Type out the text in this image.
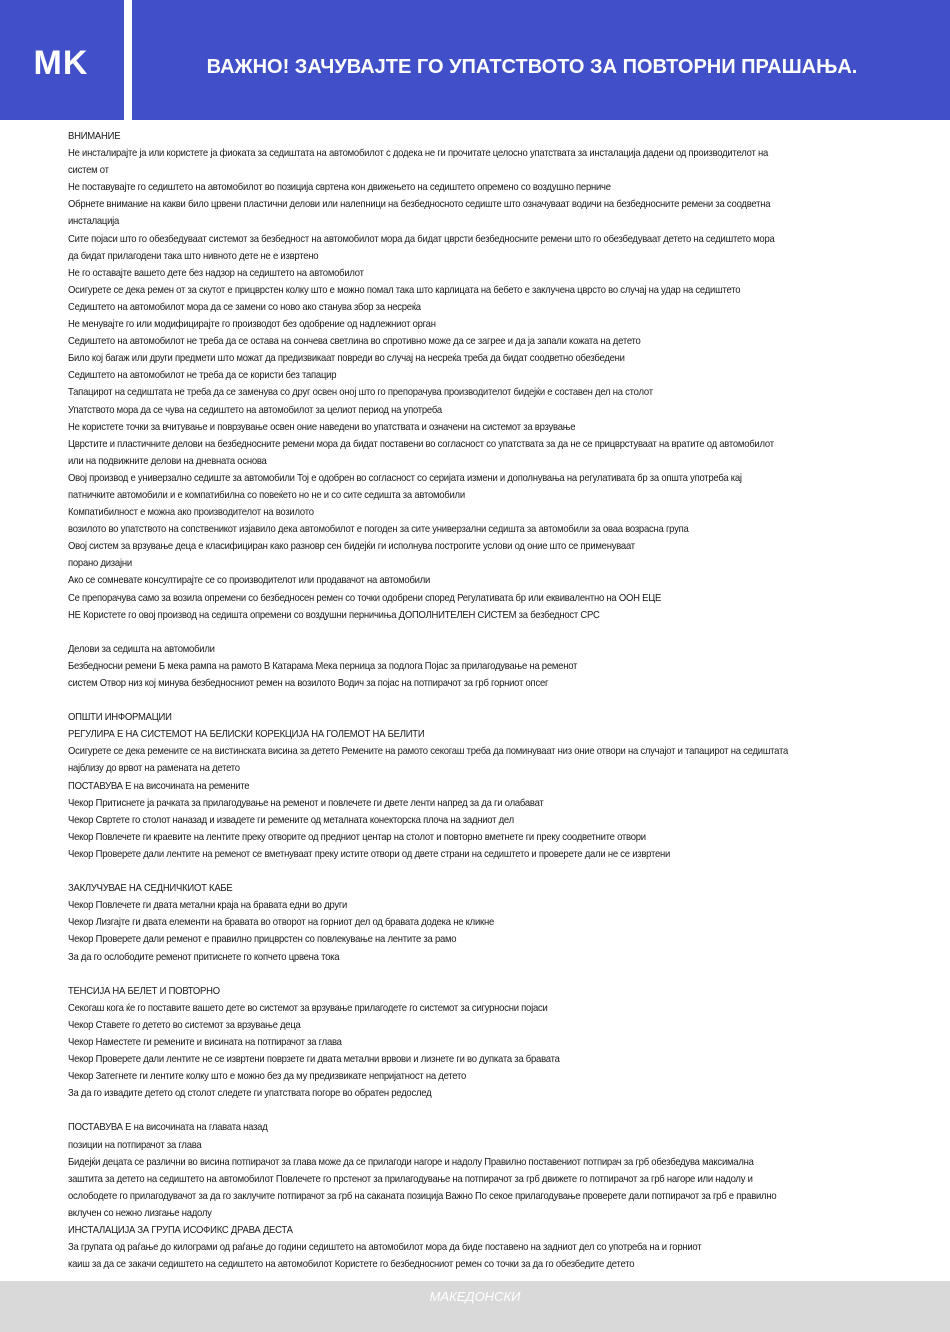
MK	ВАЖНО! ЗАЧУВАЈТЕ ГО УПАТСТВОТО ЗА ПОВТОРНИ ПРАШАЊА.
ВНИМАНИЕ
Не инсталирајте ја или користете ја фиоката за седиштата на автомобилот с додека не ги прочитате целосно упатствата за инсталација дадени од производителот на
систем от
Не поставувајте го седиштето на автомобилот во позиција свртена кон движењето на седиштето опремено со воздушно перниче
Обрнете внимание на какви било црвени пластични делови или налепници на безбедносното седиште што означуваат водичи на безбедносните ремени за соодветна
инсталација
Сите појаси што го обезбедуваат системот за безбедност на автомобилот мора да бидат цврсти безбедносните ремени што го обезбедуваат детето на седиштето мора
да бидат прилагодени така што нивното дете не е извртено
Не го оставајте вашето дете без надзор на седиштето на автомобилот
Осигурете се дека ремен от за скутот е прицврстен колку што е можно помал така што карлицата на бебето е заклучена цврсто во случај на удар на седиштето
Седиштето на автомобилот мора да се замени со ново ако станува збор за несреќа
Не менувајте го или модифицирајте го производот без одобрение од надлежниот орган
Седиштето на автомобилот не треба да се остава на сончева светлина во спротивно може да се загрее и да ја запали кожата на детето
Било кој багаж или други предмети што можат да предизвикаат повреди во случај на несреќа треба да бидат соодветно обезбедени
Седиштето на автомобилот не треба да се користи без тапацир
Тапацирот на седиштата не треба да се заменува со друг освен оној што го препорачува производителот бидејќи е составен дел на столот
Упатството мора да се чува на седиштето на автомобилот за целиот период на употреба
Не користете точки за вчитување и поврзување освен оние наведени во упатствата и означени на системот за врзување
Цврстите и пластичните делови на безбедносните ремени мора да бидат поставени во согласност со упатствата за да не се прицврстуваат на вратите од автомобилот
или на подвижните делови на дневната основа
Овој производ е универзално седиште за автомобили Тој е одобрен во согласност со серијата измени и дополнувања на регулативата бр за општа употреба кај
патничките автомобили и е компатибилна со повеќето но не и со сите седишта за автомобили
Компатибилност е можна ако производителот на возилото
возилото во упатството на сопственикот изјавило дека автомобилот е погоден за сите универзални седишта за автомобили за оваа возрасна група
Овој систем за врзување деца е класифициран како разновр сен бидејќи ги исполнува построгите услови од оние што се применуваат
порано дизајни
Ако се сомневате консултирајте се со производителот или продавачот на автомобили
Се препорачува само за возила опремени со безбедносен ремен со точки одобрени според Регулативата бр или еквивалентно на ООН ЕЦЕ
НЕ Користете го овој производ на седишта опремени со воздушни перничиња ДОПОЛНИТЕЛЕН СИСТЕМ за безбедност СРС
Делови за седишта на автомобили
Безбедносни ремени Б мека рампа на рамото В Катарама Мека перница за подлога Појас за прилагодување на ременот
систем Отвор низ кој минува безбедносниот ремен на возилото Водич за појас на потпирачот за грб горниот опсег
ОПШТИ ИНФОРМАЦИИ
РЕГУЛИРА Е НА СИСТЕМОТ НА БЕЛИСКИ КОРЕКЦИЈА НА ГОЛЕМОТ НА БЕЛИТИ
Осигурете се дека ремените се на вистинската висина за детето Ремените на рамото секогаш треба да поминуваат низ оние отвори на случајот и тапацирот на седиштата
најблизу до врвот на рамената на детето
ПОСТАВУВА Е на височината на ремените
Чекор Притиснете ја рачката за прилагодување на ременот и повлечете ги двете ленти напред за да ги олабават
Чекор Свртете го столот наназад и извадете ги ремените од металната конекторска плоча на задниот дел
Чекор Повлечете ги краевите на лентите преку отворите од предниот центар на столот и повторно вметнете ги преку соодветните отвори
Чекор Проверете дали лентите на ременот се вметнуваат преку истите отвори од двете страни на седиштето и проверете дали не се извртени
ЗАКЛУЧУВАЕ НА СЕДНИЧКИОТ КАБЕ
Чекор Повлечете ги двата метални краја на бравата едни во други
Чекор Лизгајте ги двата елементи на бравата во отворот на горниот дел од бравата додека не кликне
Чекор Проверете дали ременот е правилно прицврстен со повлекување на лентите за рамо
За да го ослободите ременот притиснете го копчето црвена тока
ТЕНСИЈА НА БЕЛЕТ И ПОВТОРНО
Секогаш кога ќе го поставите вашето дете во системот за врзување прилагодете го системот за сигурносни појаси
Чекор Ставете го детето во системот за врзување деца
Чекор Наместете ги ремените и висината на потпирачот за глава
Чекор Проверете дали лентите не се извртени поврзете ги двата метални врвови и лизнете ги во дупката за бравата
Чекор Затегнете ги лентите колку што е можно без да му предизвикате непријатност на детето
За да го извадите детето од столот следете ги упатствата погоре во обратен редослед
ПОСТАВУВА Е на височината на главата назад
позиции на потпирачот за глава
Бидејќи децата се различни во висина потпирачот за глава може да се прилагоди нагоре и надолу Правилно поставениот потпирач за грб обезбедува максимална
заштита за детето на седиштето на автомобилот Повлечете го прстенот за прилагодување на потпирачот за грб движете го потпирачот за грб нагоре или надолу и
ослободете го прилагодувачот за да го заклучите потпирачот за грб на саканата позиција Важно По секое прилагодување проверете дали потпирачот за грб е правилно
вклучен со нежно лизгање надолу
ИНСТАЛАЦИЈА ЗА ГРУПА ИСОФИКС ДРАВА ДЕСТА
За групата од раѓање до килограми од раѓање до години седиштето на автомобилот мора да биде поставено на задниот дел со употреба на и горниот
каиш за да се закачи седиштето на седиштето на автомобилот Користете го безбедносниот ремен со точки за да го обезбедите детето
МАКЕДОНСКИ
